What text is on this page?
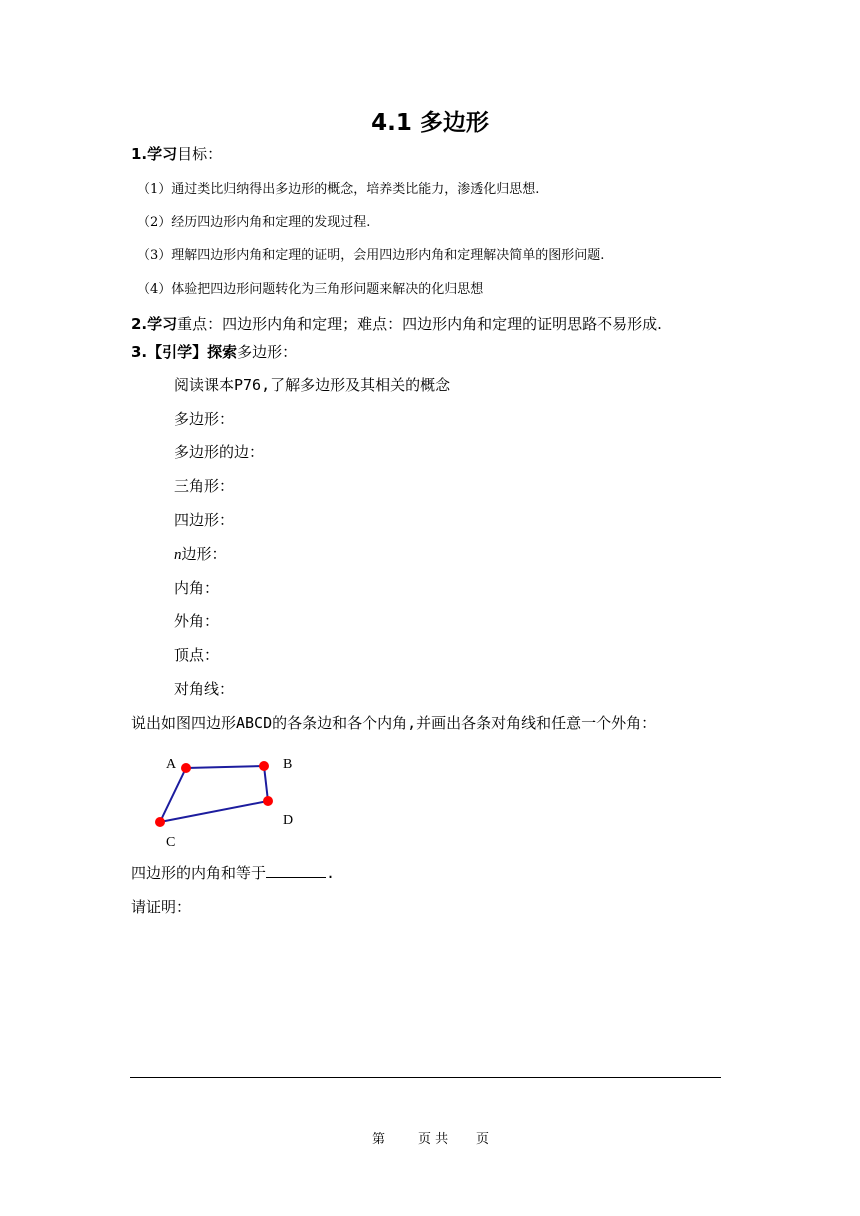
4.1 多边形
1.学习目标：
（1）通过类比归纳得出多边形的概念，培养类比能力，渗透化归思想.
（2）经历四边形内角和定理的发现过程.
（3）理解四边形内角和定理的证明，会用四边形内角和定理解决简单的图形问题.
（4）体验把四边形问题转化为三角形问题来解决的化归思想
2.学习重点：四边形内角和定理；难点：四边形内角和定理的证明思路不易形成.
3.【引学】探索多边形：
阅读课本P76,了解多边形及其相关的概念
多边形：
多边形的边：
三角形：
四边形：
n边形：
内角：
外角：
顶点：
对角线：
说出如图四边形ABCD的各条边和各个内角,并画出各条对角线和任意一个外角：
A	B
C
D
四边形的内角和等于	.
请证明：
第	页 共 页
